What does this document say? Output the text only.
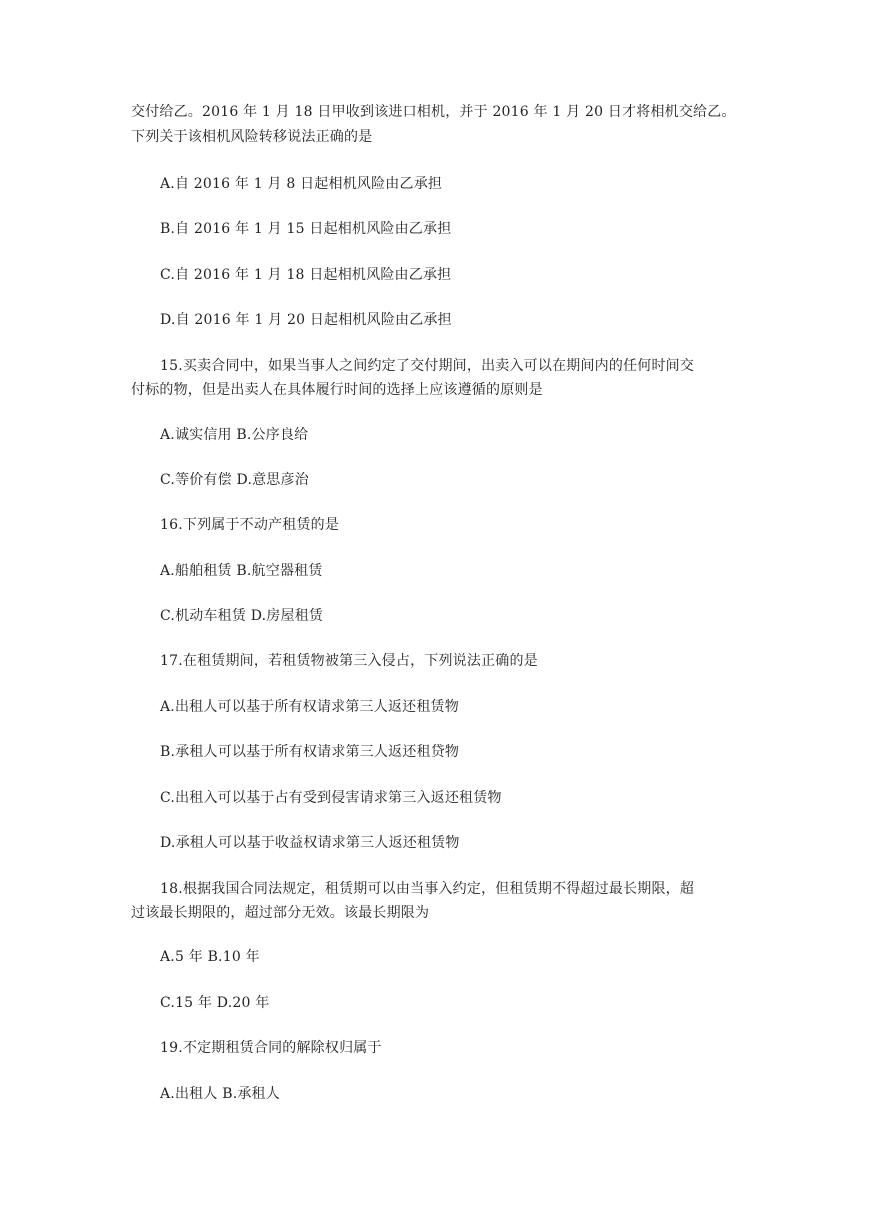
交付给乙。2016 年 1 月 18 日甲收到该进口相机，并于 2016 年 1 月 20 日才将相机交给乙。
下列关于该相机风险转移说法正确的是
A.自 2016 年 1 月 8 日起相机风险由乙承担
B.自 2016 年 1 月 15 日起相机风险由乙承担
C.自 2016 年 1 月 18 日起相机风险由乙承担
D.自 2016 年 1 月 20 日起相机风险由乙承担
15.买卖合同中，如果当事人之间约定了交付期间，出卖入可以在期间内的任何时间交
付标的物，但是出卖人在具体履行时间的选择上应该遵循的原则是
A.诚实信用 B.公序良给
C.等价有偿 D.意思彦治
16.下列属于不动产租赁的是
A.船舶租赁 B.航空器租赁
C.机动车租赁 D.房屋租赁
17.在租赁期间，若租赁物被第三入侵占，下列说法正确的是
A.出租人可以基于所有权请求第三人返还租赁物
B.承租人可以基于所有权请求第三人返还租贷物
C.出租入可以基于占有受到侵害请求第三入返还租赁物
D.承租人可以基于收益权请求第三人返还租赁物
18.根据我国合同法规定，租赁期可以由当事入约定，但租赁期不得超过最长期限，超
过该最长期限的，超过部分无效。该最长期限为
A.5 年 B.10 年
C.15 年 D.20 年
19.不定期租赁合同的解除权归属于
A.出租人 B.承租人
